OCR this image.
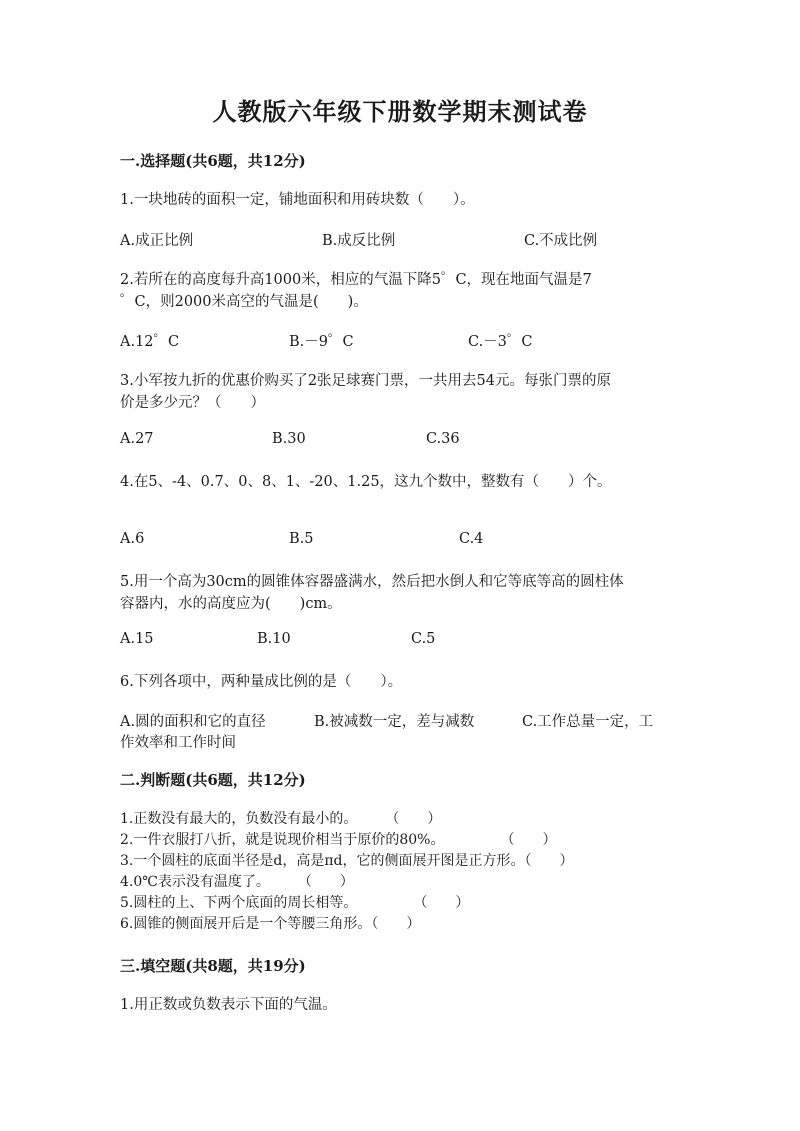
人教版六年级下册数学期末测试卷
一.选择题(共6题，共12分)
1.一块地砖的面积一定，铺地面积和用砖块数（　　）。
A.成正比例	B.成反比例	C.不成比例
2.若所在的高度每升高1000米，相应的气温下降5゜C，现在地面气温是7
゜C，则2000米高空的气温是(　　)。
A.12゜C	B.－9゜C	C.－3゜C
3.小军按九折的优惠价购买了2张足球赛门票，一共用去54元。每张门票的原
价是多少元？（　　）
A.27	B.30	C.36
4.在5、-4、0.7、0、8、1、-20、1.25，这九个数中，整数有（　　）个。
A.6	B.5	C.4
5.用一个高为30cm的圆锥体容器盛满水，然后把水倒人和它等底等高的圆柱体
容器内，水的高度应为(　　)cm。
A.15	B.10	C.5
6.下列各项中，两种量成比例的是（　　）。
A.圆的面积和它的直径	B.被减数一定，差与减数	C.工作总量一定，工
作效率和工作时间
二.判断题(共6题，共12分)
1.正数没有最大的，负数没有最小的。　　　（　　）
2.一件衣服打八折，就是说现价相当于原价的80%。　　　　　（　　）
3.一个圆柱的底面半径是d，高是πd，它的侧面展开图是正方形。（　　）
4.0℃表示没有温度了。　　　（　　）
5.圆柱的上、下两个底面的周长相等。　　　　　（　　）
6.圆锥的侧面展开后是一个等腰三角形。（　　）
三.填空题(共8题，共19分)
1.用正数或负数表示下面的气温。
